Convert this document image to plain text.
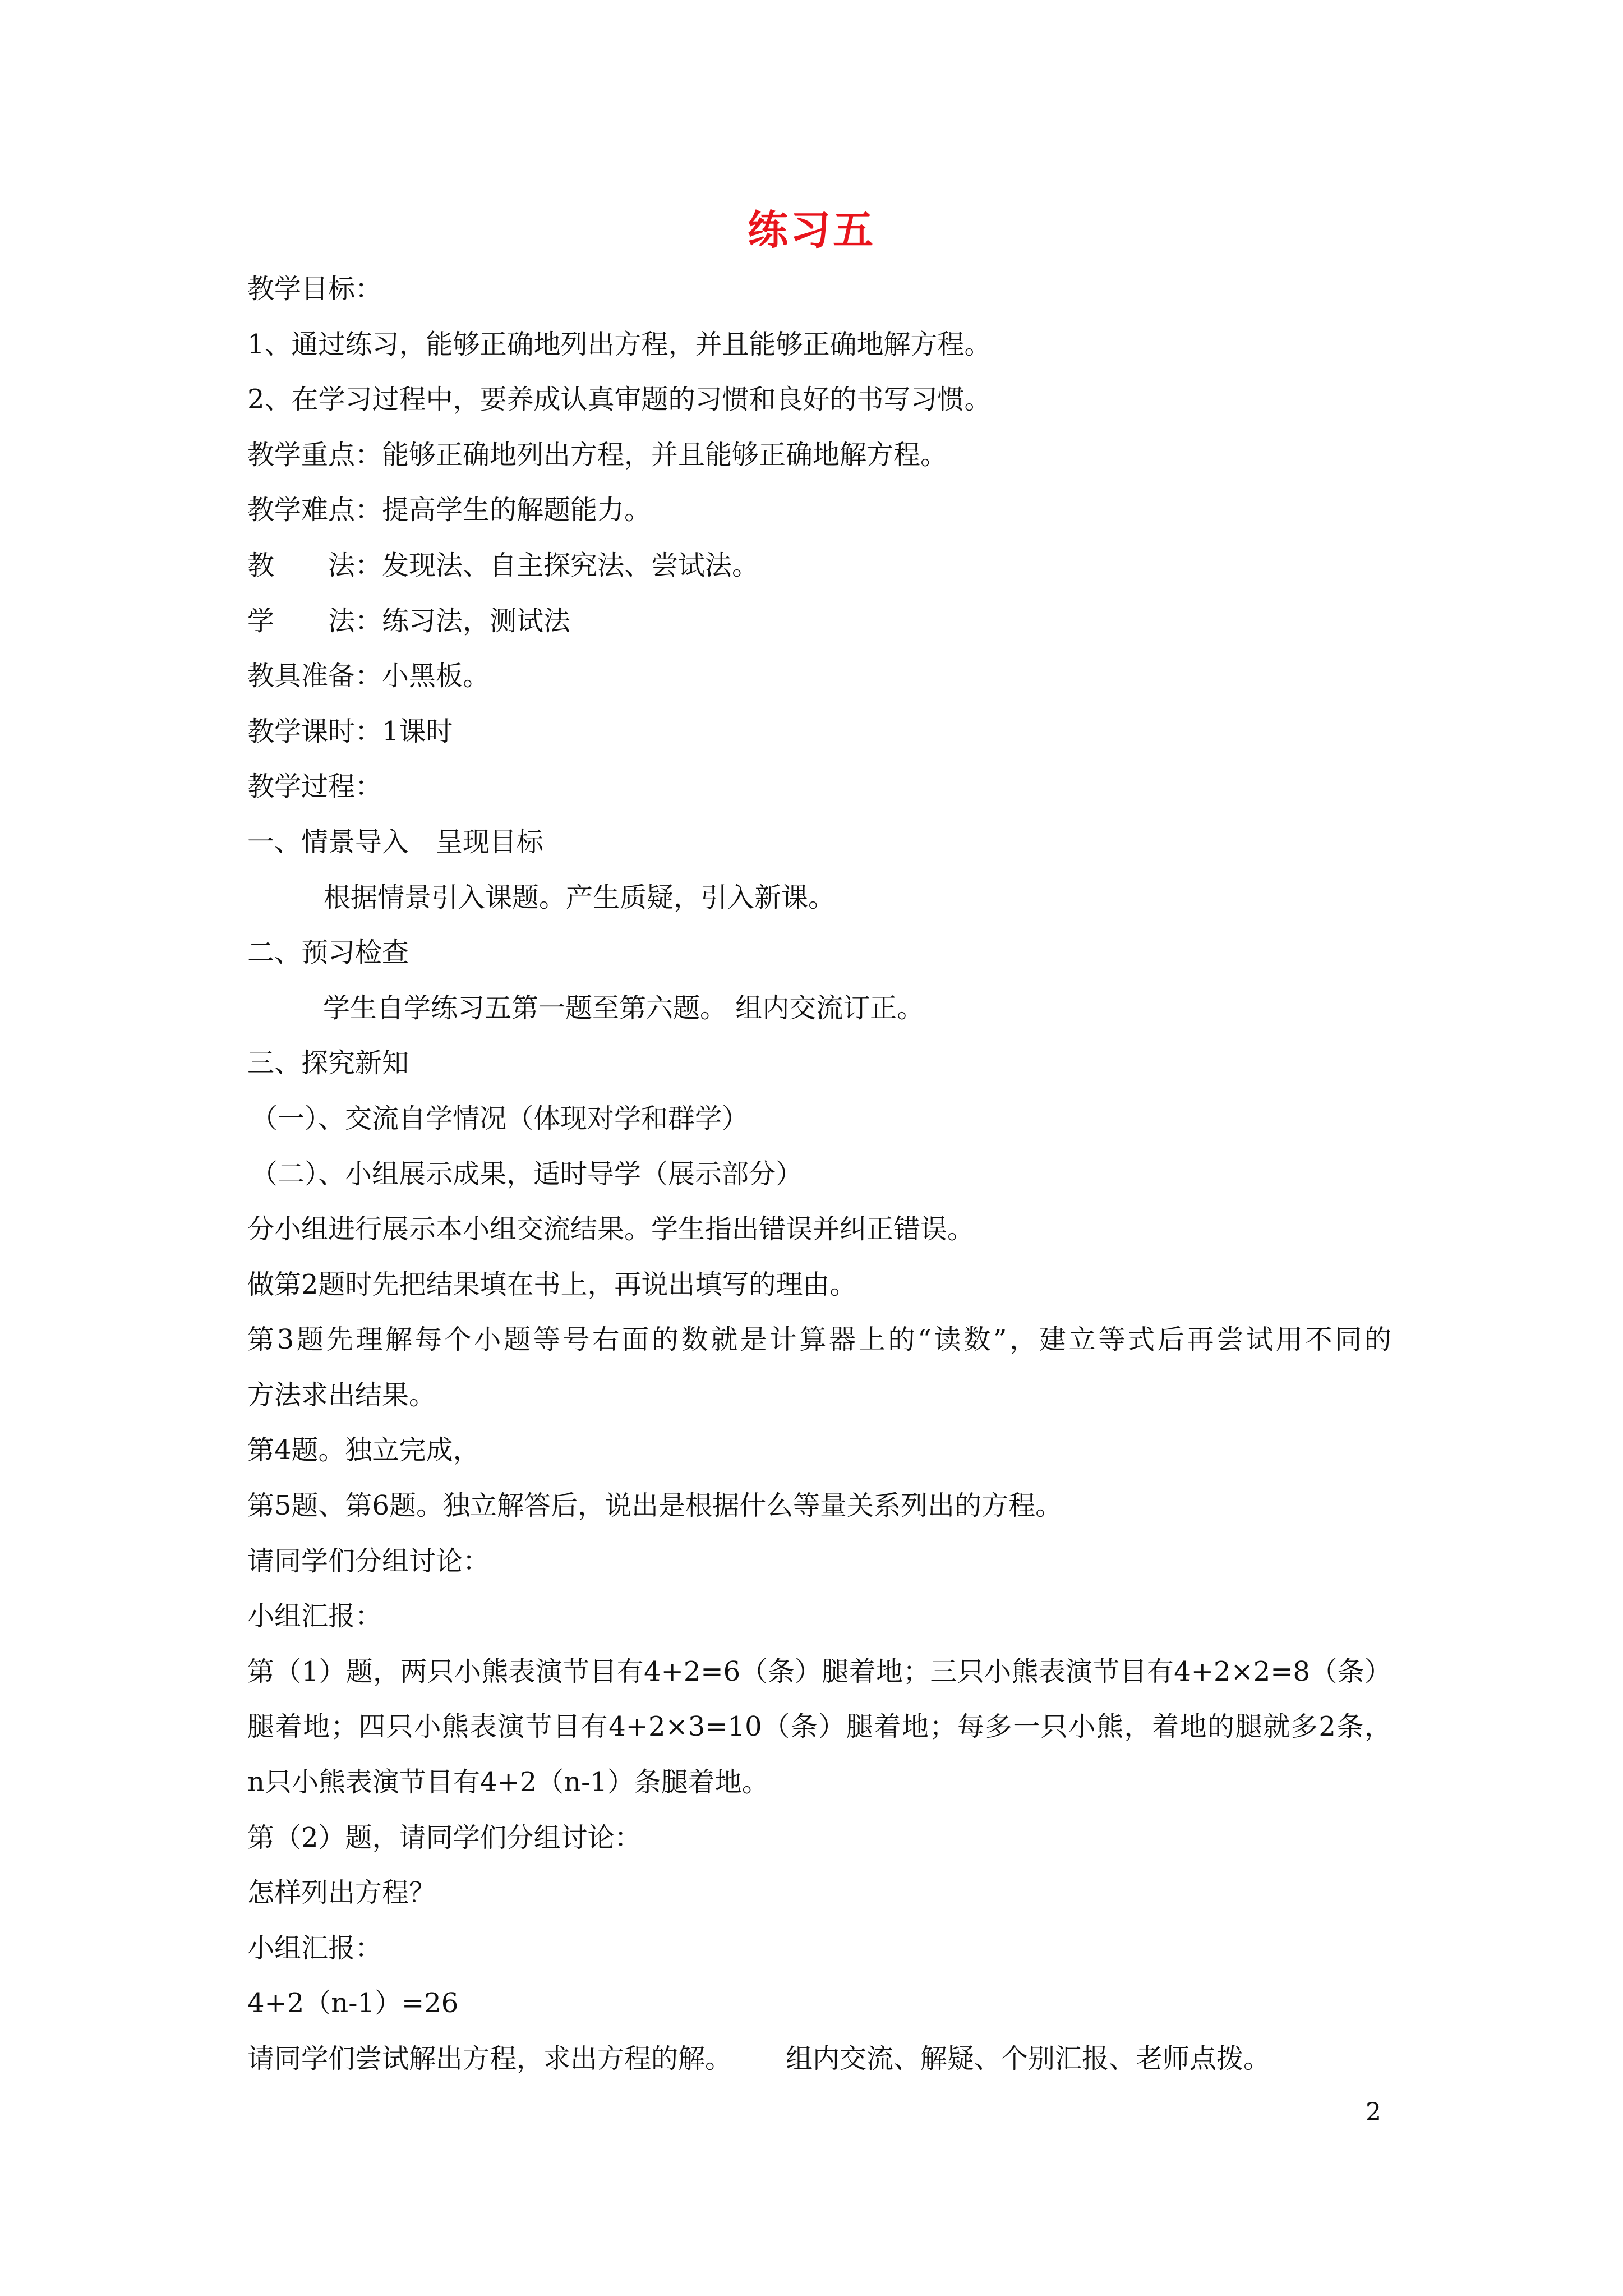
练习五
教学目标：
1、通过练习，能够正确地列出方程，并且能够正确地解方程。
2、在学习过程中，要养成认真审题的习惯和良好的书写习惯。
教学重点：能够正确地列出方程，并且能够正确地解方程。
教学难点：提高学生的解题能力。
教　　法：发现法、自主探究法、尝试法。
学　　法：练习法，测试法
教具准备：小黑板。
教学课时：1课时
教学过程：
一、情景导入　呈现目标
根据情景引入课题。产生质疑，引入新课。
二、预习检查
学生自学练习五第一题至第六题。 组内交流订正。
三、探究新知
（一）、交流自学情况（体现对学和群学）
（二）、小组展示成果，适时导学（展示部分）
分小组进行展示本小组交流结果。学生指出错误并纠正错误。
做第2题时先把结果填在书上，再说出填写的理由。
第3题先理解每个小题等号右面的数就是计算器上的“读数”，建立等式后再尝试用不同的
方法求出结果。
第4题。独立完成，
第5题、第6题。独立解答后，说出是根据什么等量关系列出的方程。
请同学们分组讨论：
小组汇报：
第（1）题，两只小熊表演节目有4+2=6（条）腿着地；三只小熊表演节目有4+2×2=8（条）
腿着地；四只小熊表演节目有4+2×3=10（条）腿着地；每多一只小熊，着地的腿就多2条，
n只小熊表演节目有4+2（n-1）条腿着地。
第（2）题，请同学们分组讨论：
怎样列出方程？
小组汇报：
4+2（n-1）=26
请同学们尝试解出方程，求出方程的解。 组内交流、解疑、个别汇报、老师点拨。
2
